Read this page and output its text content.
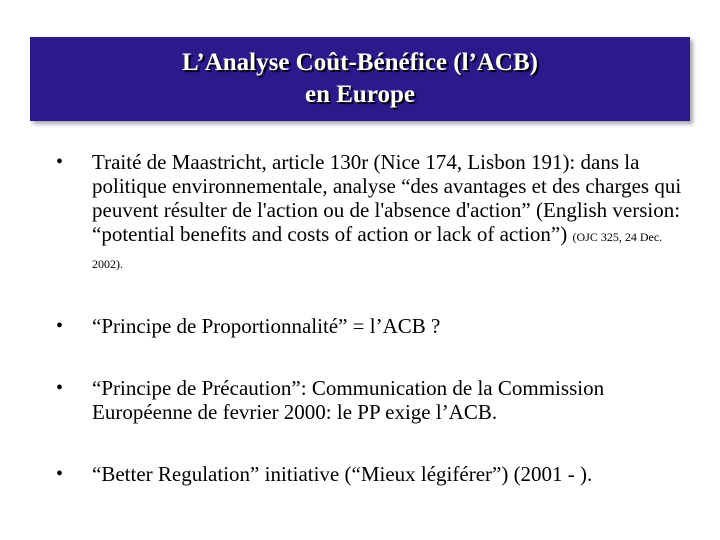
L’Analyse Coût-Bénéfice (l’ACB)
en Europe
• Traité de Maastricht, article 130r (Nice 174, Lisbon 191): dans la politique environnementale, analyse “des avantages et des charges qui peuvent résulter de l'action ou de l'absence d'action” (English version: “potential benefits and costs of action or lack of action”) (OJC 325, 24 Dec. 2002).
• “Principe de Proportionnalité” = l’ACB ?
• “Principe de Précaution”: Communication de la Commission Européenne de fevrier 2000: le PP exige l’ACB.
• “Better Regulation” initiative (“Mieux légiférer”) (2001 - ).
